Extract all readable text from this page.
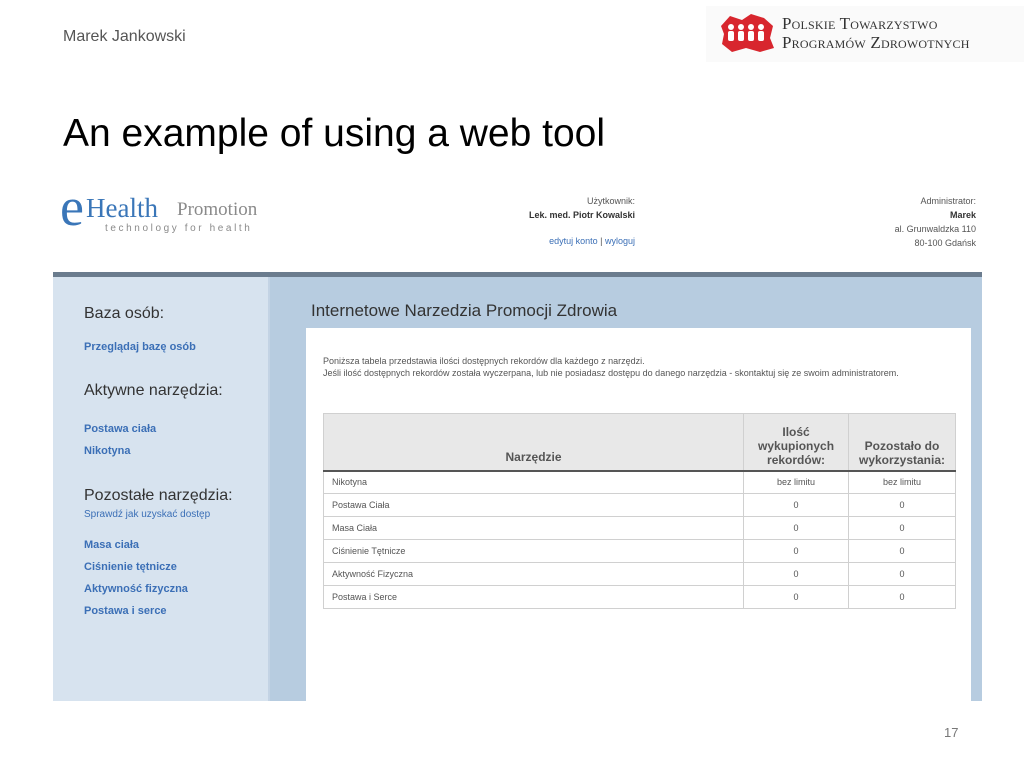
Marek Jankowski
Polskie Towarzystwo
Programów Zdrowotnych
An example of using a web tool
e Health Promotion
technology for health
Użytkownik:
Lek. med. Piotr Kowalski
edytuj konto | wyloguj
Administrator:
Marek
al. Grunwaldzka 110
80-100 Gdańsk
Baza osób:
Przeglądaj bazę osób
Aktywne narzędzia:
Postawa ciała
Nikotyna
Pozostałe narzędzia:
Sprawdź jak uzyskać dostęp
Masa ciała
Ciśnienie tętnicze
Aktywność fizyczna
Postawa i serce
Internetowe Narzedzia Promocji Zdrowia
Poniższa tabela przedstawia ilości dostępnych rekordów dla każdego z narzędzi.
Jeśli ilość dostępnych rekordów została wyczerpana, lub nie posiadasz dostępu do danego narzędzia - skontaktuj się ze swoim administratorem.
Narzędzie	Ilość wykupionych rekordów:	Pozostało do wykorzystania:
Nikotyna	bez limitu	bez limitu
Postawa Ciała	0	0
Masa Ciała	0	0
Ciśnienie Tętnicze	0	0
Aktywność Fizyczna	0	0
Postawa i Serce	0	0
17
